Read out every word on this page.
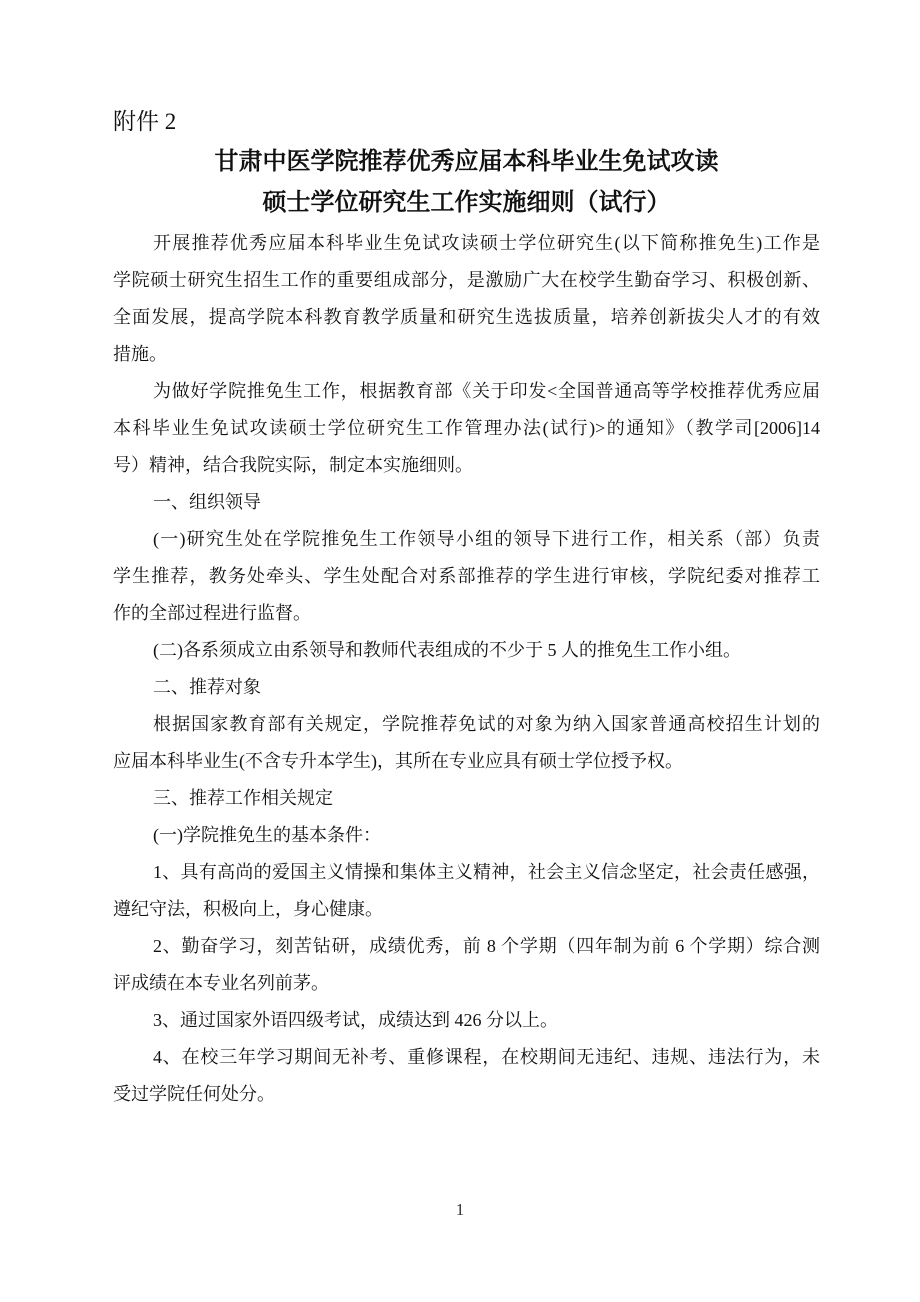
附件 2
甘肃中医学院推荐优秀应届本科毕业生免试攻读
硕士学位研究生工作实施细则（试行）
开展推荐优秀应届本科毕业生免试攻读硕士学位研究生(以下简称推免生)工作是
学院硕士研究生招生工作的重要组成部分，是激励广大在校学生勤奋学习、积极创新、
全面发展，提高学院本科教育教学质量和研究生选拔质量，培养创新拔尖人才的有效
措施。
为做好学院推免生工作，根据教育部《关于印发<全国普通高等学校推荐优秀应届
本科毕业生免试攻读硕士学位研究生工作管理办法(试行)>的通知》（教学司[2006]14
号）精神，结合我院实际，制定本实施细则。
一、组织领导
(一)研究生处在学院推免生工作领导小组的领导下进行工作，相关系（部）负责
学生推荐，教务处牵头、学生处配合对系部推荐的学生进行审核，学院纪委对推荐工
作的全部过程进行监督。
(二)各系须成立由系领导和教师代表组成的不少于 5 人的推免生工作小组。
二、推荐对象
根据国家教育部有关规定，学院推荐免试的对象为纳入国家普通高校招生计划的
应届本科毕业生(不含专升本学生)，其所在专业应具有硕士学位授予权。
三、推荐工作相关规定
(一)学院推免生的基本条件：
1、具有高尚的爱国主义情操和集体主义精神，社会主义信念坚定，社会责任感强，
遵纪守法，积极向上，身心健康。
2、勤奋学习，刻苦钻研，成绩优秀，前 8 个学期（四年制为前 6 个学期）综合测
评成绩在本专业名列前茅。
3、通过国家外语四级考试，成绩达到 426 分以上。
4、在校三年学习期间无补考、重修课程，在校期间无违纪、违规、违法行为，未
受过学院任何处分。
1
